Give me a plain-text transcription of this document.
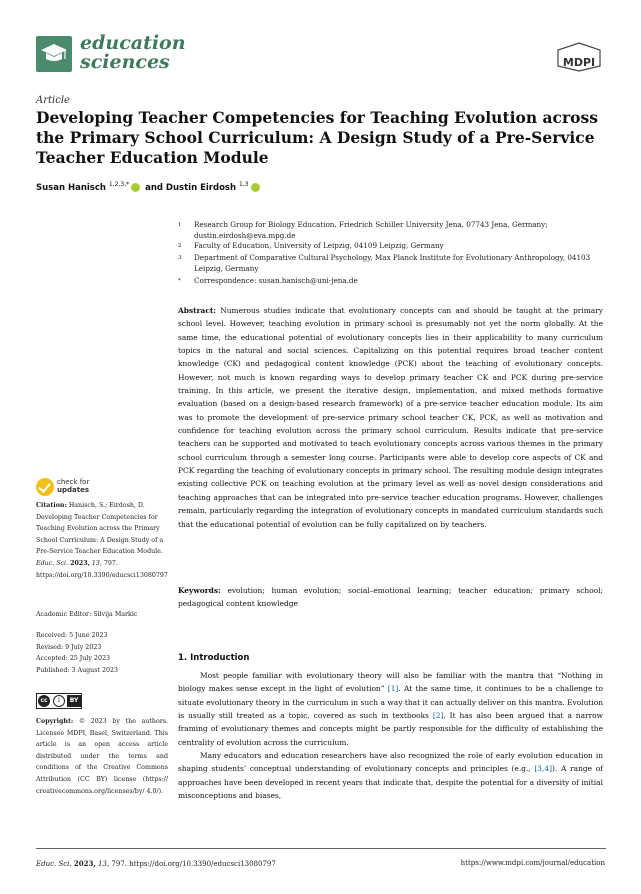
education
sciences	MDPI
Article
Developing Teacher Competencies for Teaching Evolution across the Primary School Curriculum: A Design Study of a Pre-Service Teacher Education Module
Susan Hanisch $^{1,2,3,*}$ and Dustin Eirdosh $^{1,3}$
1 Research Group for Biology Education, Friedrich Schiller University Jena, 07743 Jena, Germany; dustin.eirdosh@eva.mpg.de
2 Faculty of Education, University of Leipzig, 04109 Leipzig, Germany
3 Department of Comparative Cultural Psychology, Max Planck Institute for Evolutionary Anthropology, 04103 Leipzig, Germany
* Correspondence: susan.hanisch@uni-jena.de
Abstract: Numerous studies indicate that evolutionary concepts can and should be taught at the primary school level. However, teaching evolution in primary school is presumably not yet the norm globally. At the same time, the educational potential of evolutionary concepts lies in their applicability to many curriculum topics in the natural and social sciences. Capitalizing on this potential requires broad teacher content knowledge (CK) and pedagogical content knowledge (PCK) about the teaching of evolutionary concepts. However, not much is known regarding ways to develop primary teacher CK and PCK during pre-service training. In this article, we present the iterative design, implementation, and mixed methods formative evaluation (based on a design-based research framework) of a pre-service teacher education module. Its aim was to promote the development of pre-service primary school teacher CK, PCK, as well as motivation and confidence for teaching evolution across the primary school curriculum. Results indicate that pre-service teachers can be supported and motivated to teach evolutionary concepts across various themes in the primary school curriculum through a semester long course. Participants were able to develop core aspects of CK and PCK regarding the teaching of evolutionary concepts in primary school. The resulting module design integrates existing collective PCK on teaching evolution at the primary level as well as novel design considerations and teaching approaches that can be integrated into pre-service teacher education programs. However, challenges remain, particularly regarding the integration of evolutionary concepts in mandated curriculum standards such that the educational potential of evolution can be fully capitalized on by teachers.
Keywords: evolution; human evolution; social–emotional learning; teacher education; primary school; pedagogical content knowledge
check for
updates
Citation: Hanisch, S.; Eirdosh, D. Developing Teacher Competencies for Teaching Evolution across the Primary School Curriculum: A Design Study of a Pre-Service Teacher Education Module. Educ. Sci. 2023, 13, 797. https://doi.org/10.3390/educsci13080797
Academic Editor: Silvija Markic
Received: 5 June 2023
Revised: 9 July 2023
Accepted: 25 July 2023
Published: 3 August 2023
cc	i	BY
Copyright: © 2023 by the authors. Licensee MDPI, Basel, Switzerland. This article is an open access article distributed under the terms and conditions of the Creative Commons Attribution (CC BY) license (https:// creativecommons.org/licenses/by/ 4.0/).
1. Introduction

Most people familiar with evolutionary theory will also be familiar with the mantra that “Nothing in biology makes sense except in the light of evolution” [1]. At the same time, it continues to be a challenge to situate evolutionary theory in the curriculum in such a way that it can actually deliver on this mantra. Evolution is usually still treated as a topic, covered as such in textbooks [2]. It has also been argued that a narrow framing of evolutionary themes and concepts might be partly responsible for the difficulty of establishing the centrality of evolution across the curriculum.

Many educators and education researchers have also recognized the role of early evolution education in shaping students’ conceptual understanding of evolutionary concepts and principles (e.g., [3,4]). A range of approaches have been developed in recent years that indicate that, despite the potential for a diversity of initial misconceptions and biases,

Educ. Sci. 2023, 13, 797. https://doi.org/10.3390/educsci13080797	https://www.mdpi.com/journal/education
